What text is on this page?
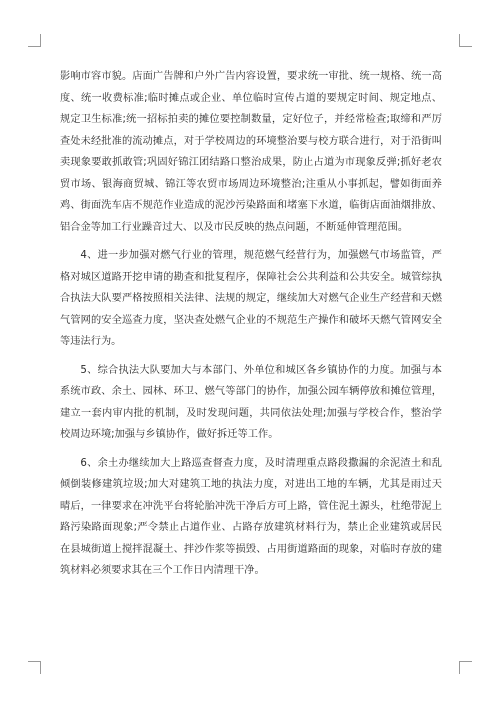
影响市容市貌。店面广告牌和户外广告内容设置，要求统一审批、统一规格、统一高度、统一收费标准;临时摊点或企业、单位临时宣传占道的要规定时间、规定地点、规定卫生标准;统一招标拍卖的摊位要控制数量，定好位子，并经常检查;取缔和严厉查处未经批准的流动摊点，对于学校周边的环境整治要与校方联合进行，对于沿街叫卖现象要敢抓敢管;巩固好锦江团结路口整治成果，防止占道为市现象反弹;抓好老农贸市场、银海商贸城、锦江等农贸市场周边环境整治;注重从小事抓起，譬如街面养鸡、街面洗车店不规范作业造成的泥沙污染路面和堵塞下水道，临街店面油烟排放、铝合金等加工行业躁音过大、以及市民反映的热点问题，不断延伸管理范围。

4、进一步加强对燃气行业的管理，规范燃气经营行为，加强燃气市场监管，严格对城区道路开挖申请的勘查和批复程序，保障社会公共利益和公共安全。城管综执合执法大队要严格按照相关法律、法规的规定，继续加大对燃气企业生产经营和天燃气管网的安全巡查力度，坚决查处燃气企业的不规范生产操作和破坏天燃气管网安全等违法行为。

5、综合执法大队要加大与本部门、外单位和城区各乡镇协作的力度。加强与本系统市政、余土、园林、环卫、燃气等部门的协作，加强公园车辆停放和摊位管理，建立一套内审内批的机制，及时发现问题，共同依法处理;加强与学校合作，整治学校周边环境;加强与乡镇协作，做好拆迁等工作。

6、余土办继续加大上路巡查督查力度，及时清理重点路段撒漏的余泥渣土和乱倾倒装修建筑垃圾;加大对建筑工地的执法力度，对进出工地的车辆，尤其是雨过天晴后，一律要求在冲洗平台将轮胎冲洗干净后方可上路，管住泥土源头，杜绝带泥上路污染路面现象;严令禁止占道作业、占路存放建筑材料行为，禁止企业建筑或居民在县城街道上搅拌混凝土、拌沙作浆等损毁、占用街道路面的现象，对临时存放的建筑材料必须要求其在三个工作日内清理干净。
